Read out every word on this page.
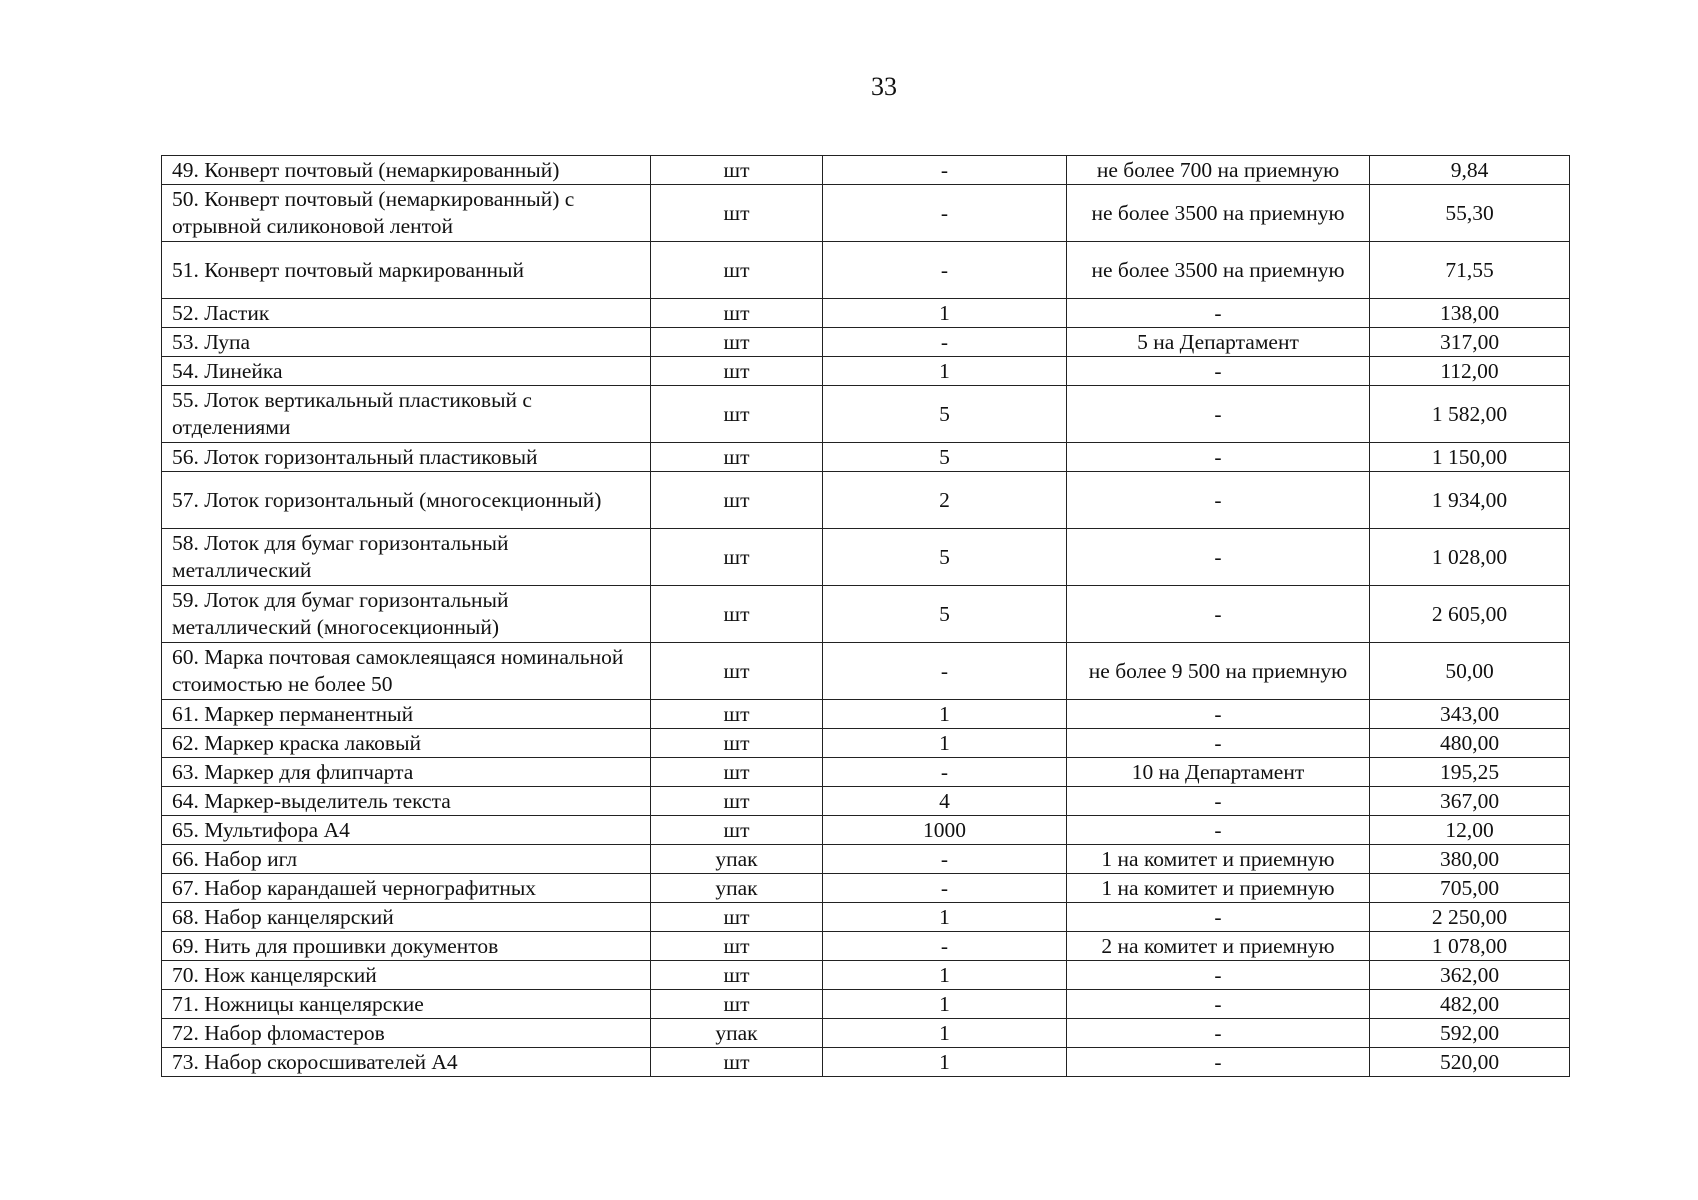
33
49. Конверт почтовый (немаркированный)	шт	-	не более 700 на приемную	9,84
50. Конверт почтовый (немаркированный) с отрывной силиконовой лентой	шт	-	не более 3500 на приемную	55,30
51. Конверт почтовый маркированный	шт	-	не более 3500 на приемную	71,55
52. Ластик	шт	1	-	138,00
53. Лупа	шт	-	5 на Департамент	317,00
54. Линейка	шт	1	-	112,00
55. Лоток вертикальный пластиковый с отделениями	шт	5	-	1 582,00
56. Лоток горизонтальный пластиковый	шт	5	-	1 150,00
57. Лоток горизонтальный (многосекционный)	шт	2	-	1 934,00
58. Лоток для бумаг горизонтальный металлический	шт	5	-	1 028,00
59. Лоток для бумаг горизонтальный металлический (многосекционный)	шт	5	-	2 605,00
60. Марка почтовая самоклеящаяся номинальной стоимостью не более 50	шт	-	не более 9 500 на приемную	50,00
61. Маркер перманентный	шт	1	-	343,00
62. Маркер краска лаковый	шт	1	-	480,00
63. Маркер для флипчарта	шт	-	10 на Департамент	195,25
64. Маркер-выделитель текста	шт	4	-	367,00
65. Мультифора А4	шт	1000	-	12,00
66. Набор игл	упак	-	1 на комитет и приемную	380,00
67. Набор карандашей чернографитных	упак	-	1 на комитет и приемную	705,00
68. Набор канцелярский	шт	1	-	2 250,00
69. Нить для прошивки документов	шт	-	2 на комитет и приемную	1 078,00
70. Нож канцелярский	шт	1	-	362,00
71. Ножницы канцелярские	шт	1	-	482,00
72. Набор фломастеров	упак	1	-	592,00
73. Набор скоросшивателей А4	шт	1	-	520,00
